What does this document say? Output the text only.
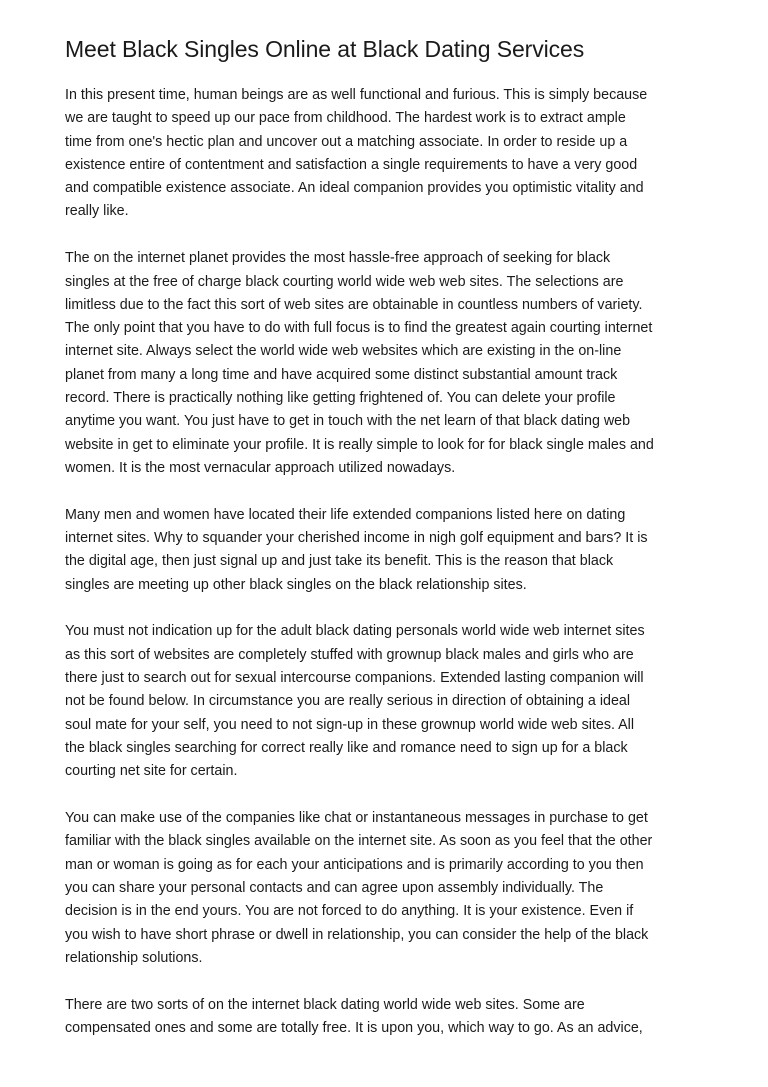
Meet Black Singles Online at Black Dating Services

In this present time, human beings are as well functional and furious. This is simply because
we are taught to speed up our pace from childhood. The hardest work is to extract ample
time from one's hectic plan and uncover out a matching associate. In order to reside up a
existence entire of contentment and satisfaction a single requirements to have a very good
and compatible existence associate. An ideal companion provides you optimistic vitality and
really like.

The on the internet planet provides the most hassle-free approach of seeking for black
singles at the free of charge black courting world wide web web sites. The selections are
limitless due to the fact this sort of web sites are obtainable in countless numbers of variety.
The only point that you have to do with full focus is to find the greatest again courting internet
internet site. Always select the world wide web websites which are existing in the on-line
planet from many a long time and have acquired some distinct substantial amount track
record. There is practically nothing like getting frightened of. You can delete your profile
anytime you want. You just have to get in touch with the net learn of that black dating web
website in get to eliminate your profile. It is really simple to look for for black single males and
women. It is the most vernacular approach utilized nowadays.

Many men and women have located their life extended companions listed here on dating
internet sites. Why to squander your cherished income in nigh golf equipment and bars? It is
the digital age, then just signal up and just take its benefit. This is the reason that black
singles are meeting up other black singles on the black relationship sites.

You must not indication up for the adult black dating personals world wide web internet sites
as this sort of websites are completely stuffed with grownup black males and girls who are
there just to search out for sexual intercourse companions. Extended lasting companion will
not be found below. In circumstance you are really serious in direction of obtaining a ideal
soul mate for your self, you need to not sign-up in these grownup world wide web sites. All
the black singles searching for correct really like and romance need to sign up for a black
courting net site for certain.

You can make use of the companies like chat or instantaneous messages in purchase to get
familiar with the black singles available on the internet site. As soon as you feel that the other
man or woman is going as for each your anticipations and is primarily according to you then
you can share your personal contacts and can agree upon assembly individually. The
decision is in the end yours. You are not forced to do anything. It is your existence. Even if
you wish to have short phrase or dwell in relationship, you can consider the help of the black
relationship solutions.

There are two sorts of on the internet black dating world wide web sites. Some are
compensated ones and some are totally free. It is upon you, which way to go. As an advice,
